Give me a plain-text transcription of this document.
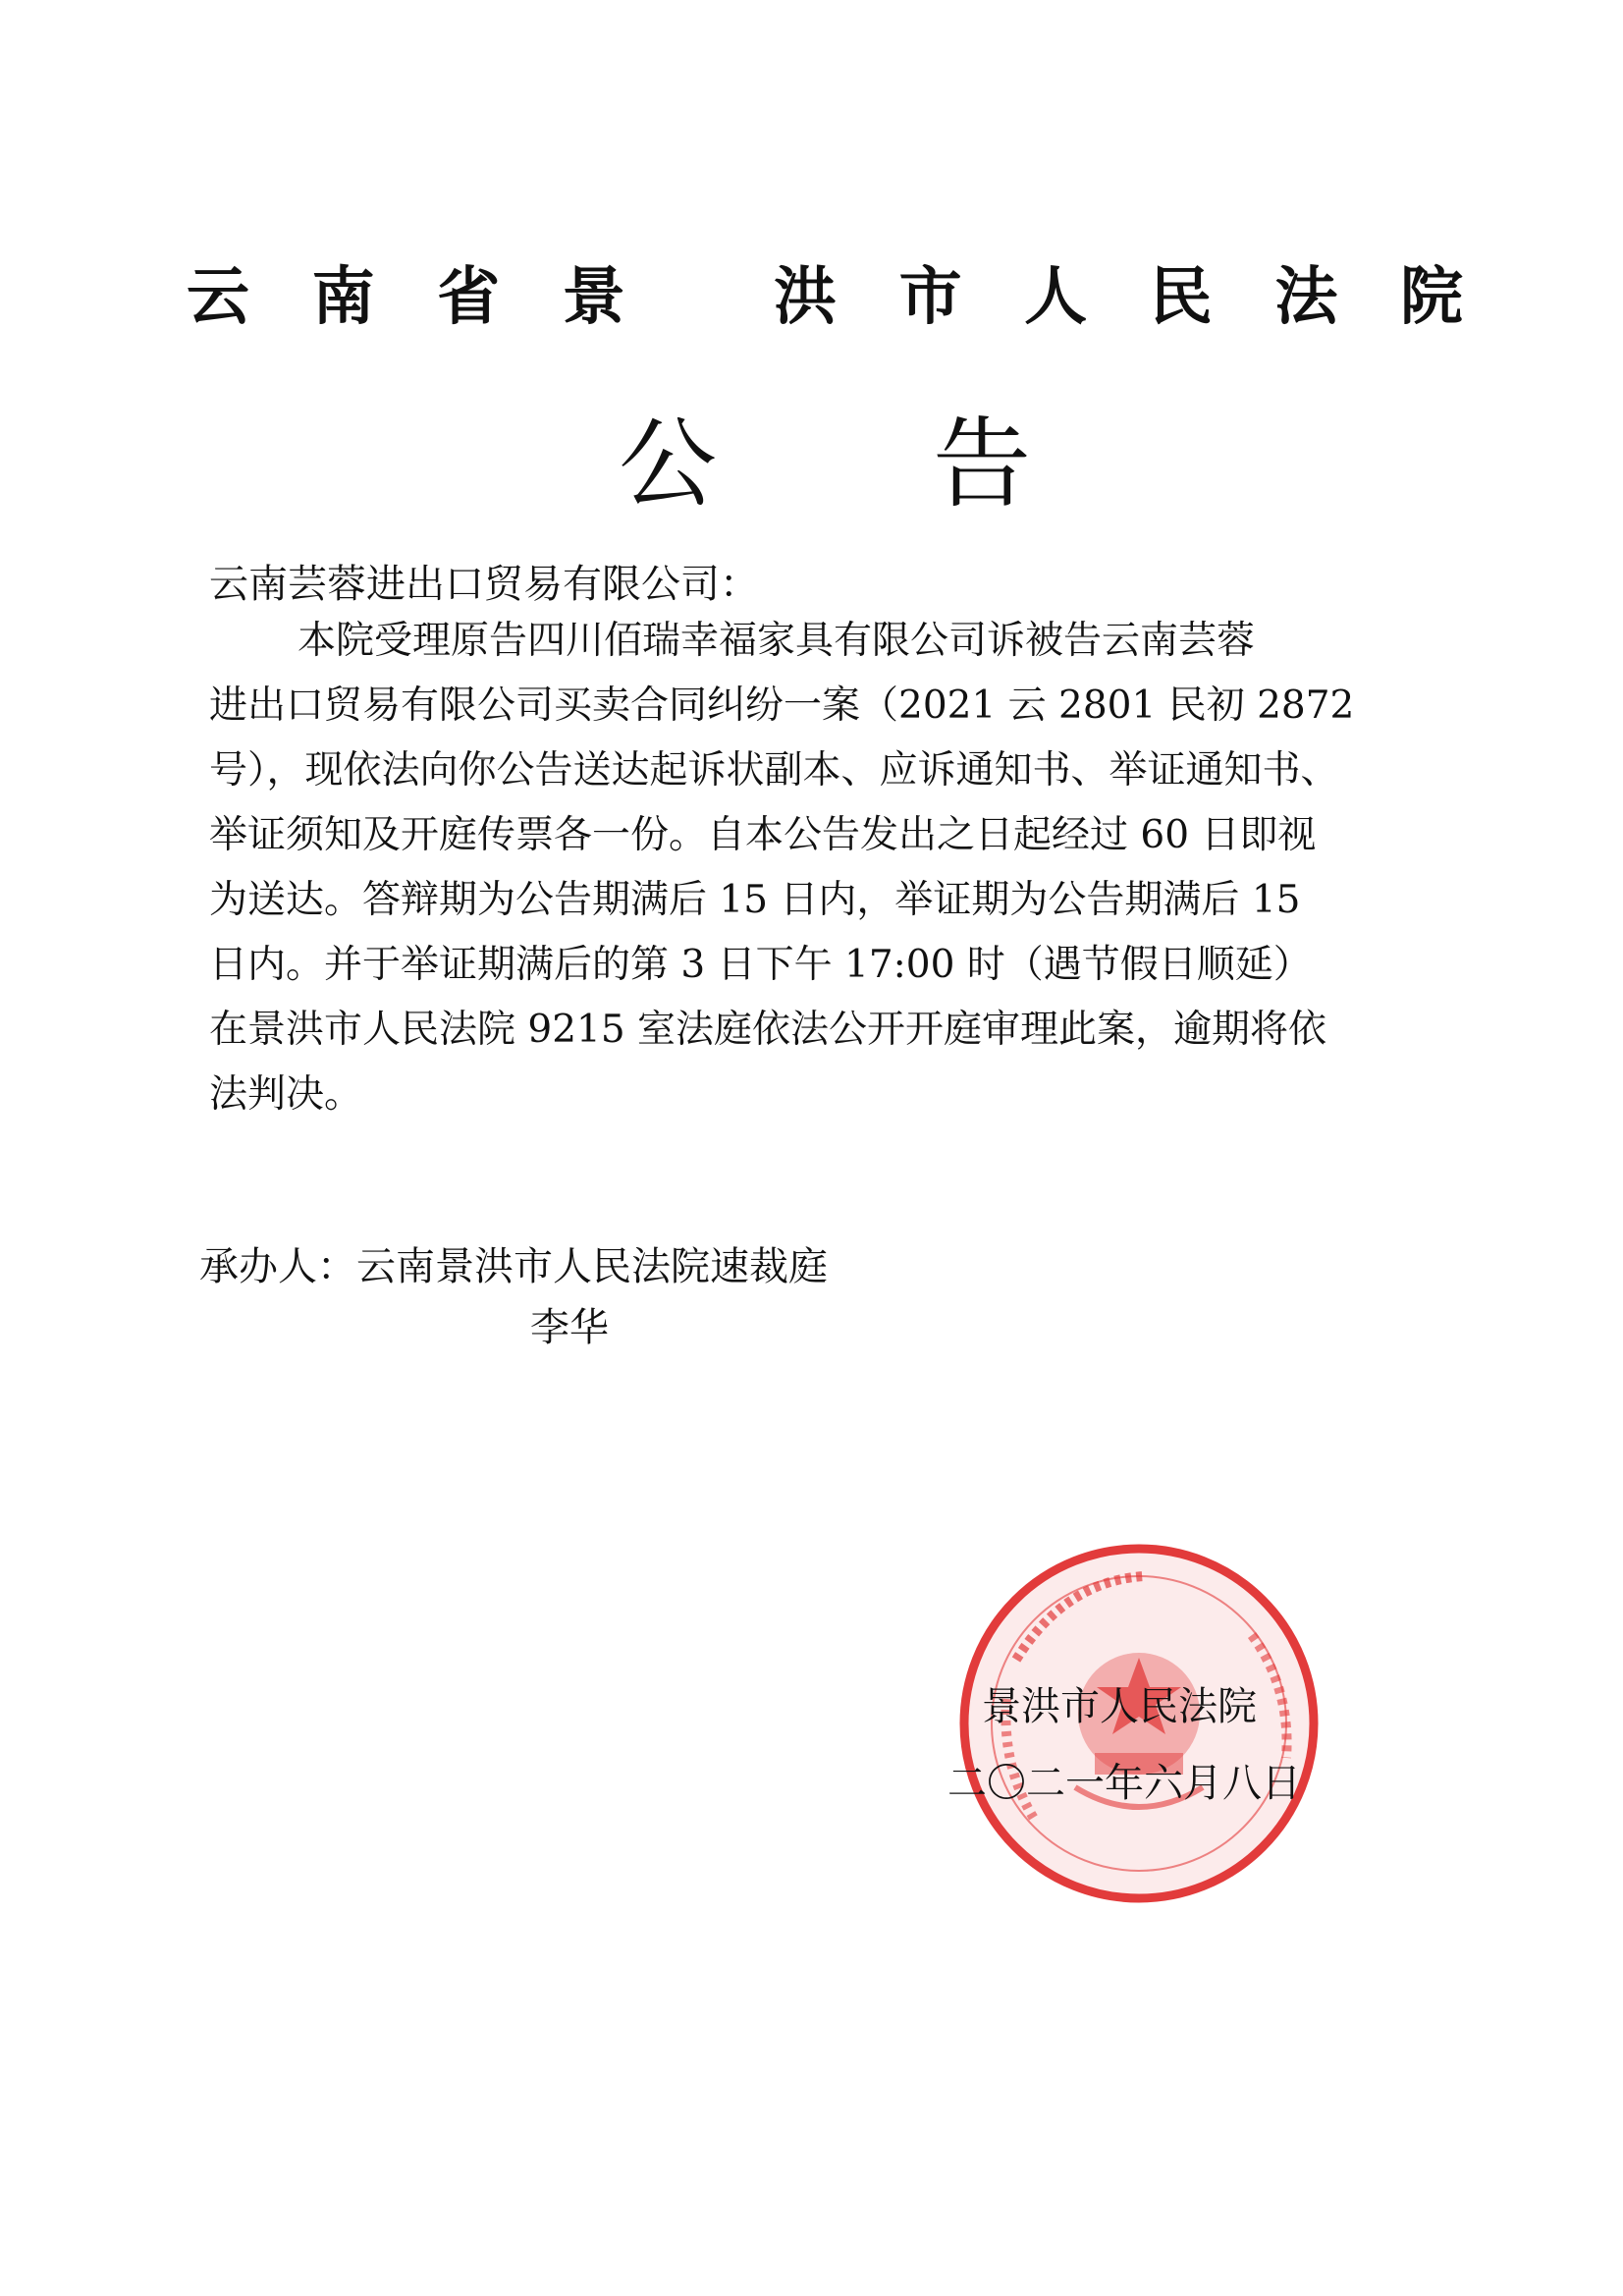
云 南 省 景 洪 市 人 民 法 院
公 告
云南芸蓉进出口贸易有限公司：
本院受理原告四川佰瑞幸福家具有限公司诉被告云南芸蓉
进出口贸易有限公司买卖合同纠纷一案（2021 云 2801 民初 2872
号），现依法向你公告送达起诉状副本、应诉通知书、举证通知书、
举证须知及开庭传票各一份。自本公告发出之日起经过 60 日即视
为送达。答辩期为公告期满后 15 日内，举证期为公告期满后 15
日内。并于举证期满后的第 3 日下午 17:00 时（遇节假日顺延）
在景洪市人民法院 9215 室法庭依法公开开庭审理此案，逾期将依
法判决。
承办人：云南景洪市人民法院速裁庭
李华
景洪市人民法院
二〇二一年六月八日
